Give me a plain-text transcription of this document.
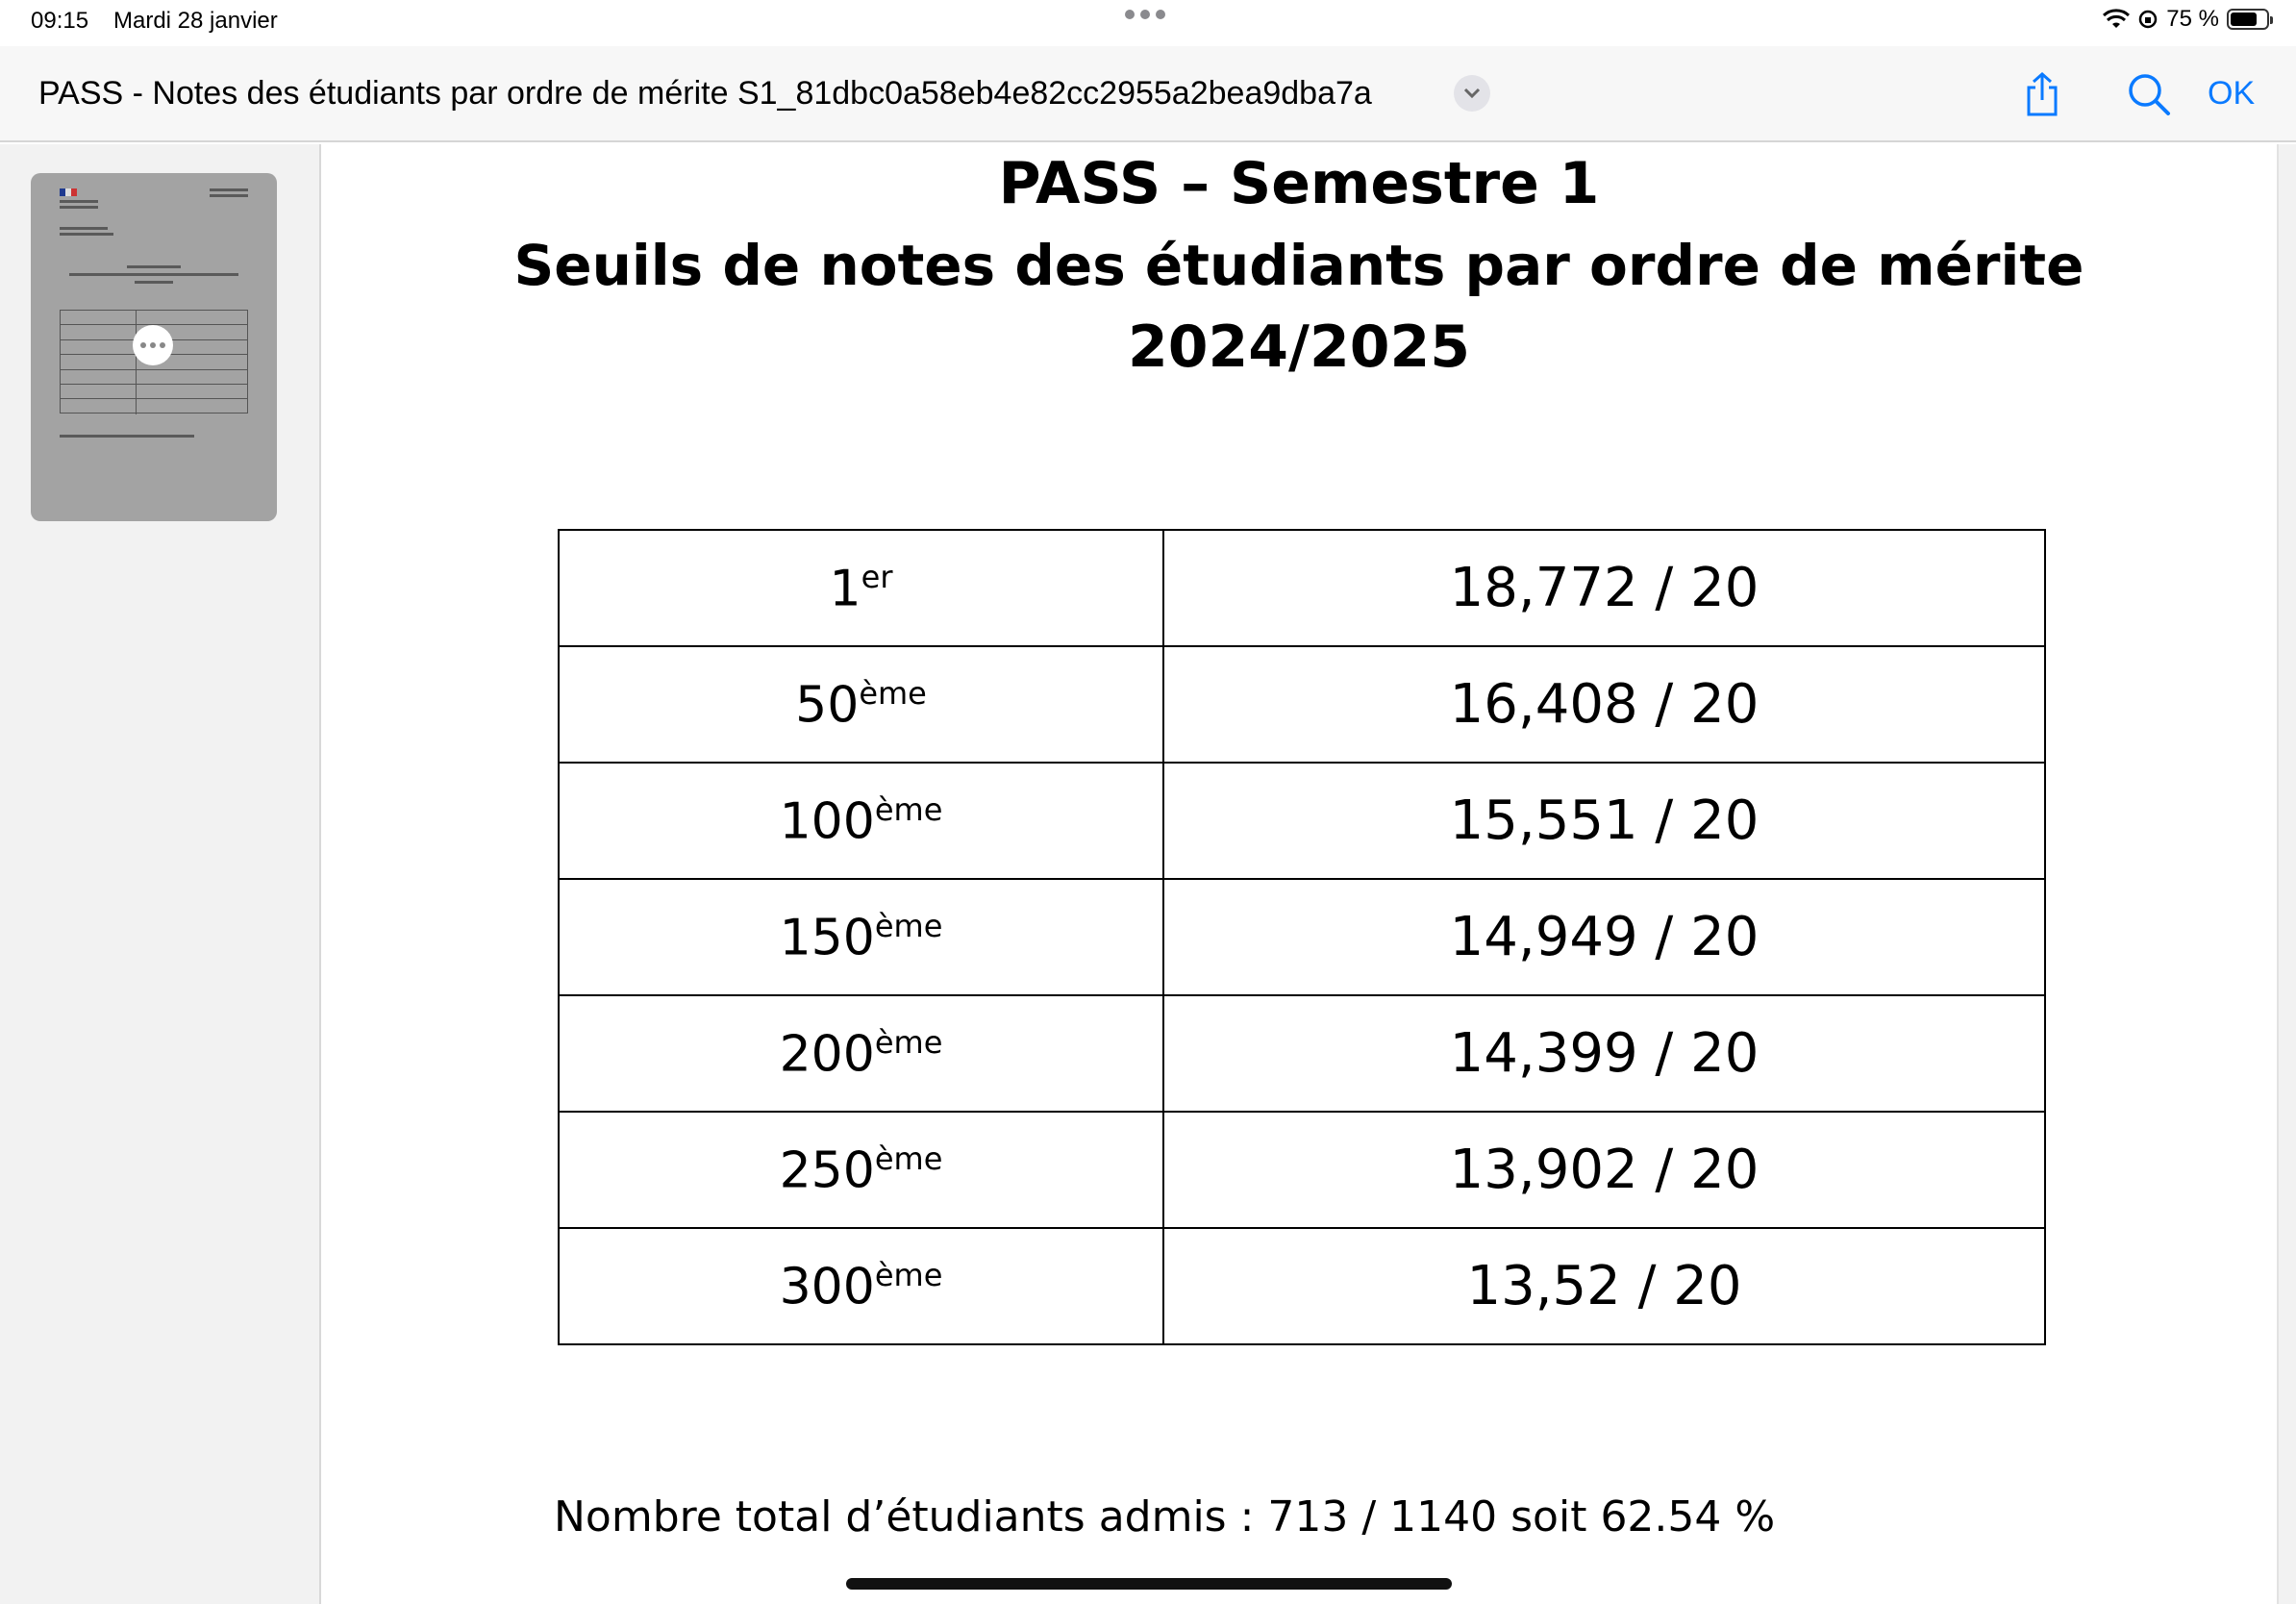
09:15 Mardi 28 janvier	75 %
PASS - Notes des étudiants par ordre de mérite S1_81dbc0a58eb4e82cc2955a2bea9dba7a	OK
PASS – Semestre 1
Seuils de notes des étudiants par ordre de mérite
2024/2025
1er	18,772 / 20
50ème	16,408 / 20
100ème	15,551 / 20
150ème	14,949 / 20
200ème	14,399 / 20
250ème	13,902 / 20
300ème	13,52 / 20
Nombre total d’étudiants admis : 713 / 1140 soit 62.54 %
